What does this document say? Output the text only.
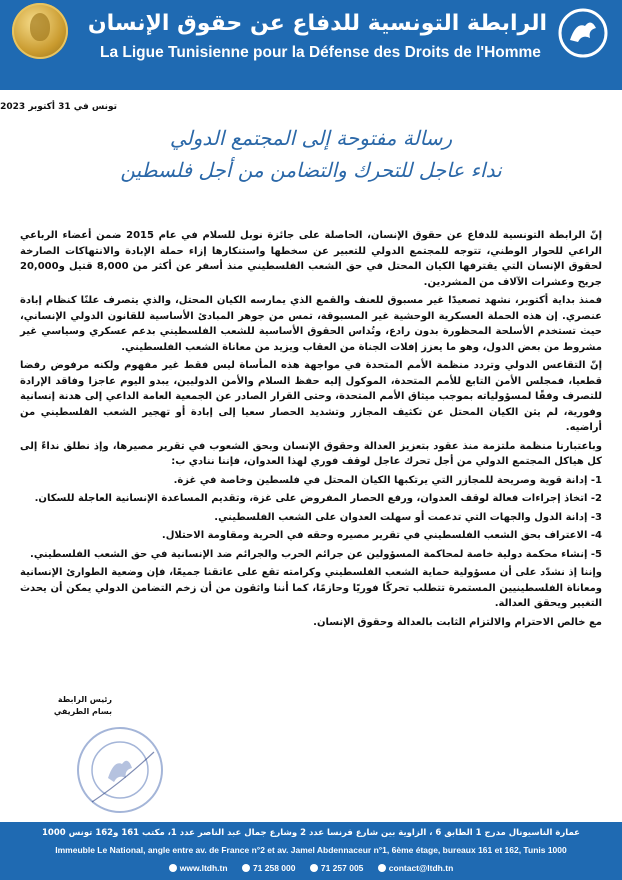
الرابطة التونسية للدفاع عن حقوق الإنسان
La Ligue Tunisienne pour la Défense des Droits de l'Homme
تونس في 31 أكتوبر 2023
رسالة مفتوحة إلى المجتمع الدولي
نداء عاجل للتحرك والتضامن من أجل فلسطين

إنّ الرابطة التونسية للدفاع عن حقوق الإنسان، الحاصلة على جائزة نوبل للسلام في عام 2015 ضمن أعضاء الرباعي الراعي للحوار الوطني، تتوجه للمجتمع الدولي للتعبير عن سخطها واستنكارها إزاء حملة الإبادة والانتهاكات الصارخة لحقوق الإنسان التي يقترفها الكيان المحتل في حق الشعب الفلسطيني منذ أسفر عن أكثر من 8,000 قتيل و20,000 جريح وعشرات الآلاف من المشردين.

فمنذ بداية أكتوبر، نشهد تصعيدًا غير مسبوق للعنف والقمع الذي يمارسه الكيان المحتل، والذي يتصرف علنًا كنظام إبادة عنصري. إن هذه الحملة العسكرية الوحشية غير المسبوقة، تمس من جوهر المبادئ الأساسية للقانون الدولي الإنساني، حيث تستخدم الأسلحة المحظورة بدون رادع، وتُداس الحقوق الأساسية للشعب الفلسطيني بدعم عسكري وسياسي غير مشروط من بعض الدول، وهو ما يعزز إفلات الجناة من العقاب ويزيد من معاناة الشعب الفلسطيني.

إنّ التقاعس الدولي وتردد منظمة الأمم المتحدة في مواجهة هذه المأساة ليس فقط غير مفهوم ولكنه مرفوض رفضا قطعيا، فمجلس الأمن التابع للأمم المتحدة، الموكول إليه حفظ السلام والأمن الدوليين، يبدو اليوم عاجزا وفاقد الإرادة للتصرف وفقًا لمسؤولياته بموجب ميثاق الأمم المتحدة، وحتى القرار الصادر عن الجمعية العامة الداعي إلى هدنة إنسانية وفورية، لم يثن الكيان المحتل عن تكثيف المجازر وتشديد الحصار سعيا إلى إبادة أو تهجير الشعب الفلسطيني من أراضيه.

وباعتبارنا منظمة ملتزمة منذ عقود بتعزيز العدالة وحقوق الإنسان وبحق الشعوب في تقرير مصيرها، وإذ نطلق نداءً إلى كل هياكل المجتمع الدولي من أجل تحرك عاجل لوقف فوري لهذا العدوان، فإننا ننادي ب:

1- إدانة قوية وصريحة للمجازر التي يرتكبها الكيان المحتل في فلسطين وخاصة في غزة.
2- اتخاذ إجراءات فعالة لوقف العدوان، ورفع الحصار المفروض على غزة، وتقديم المساعدة الإنسانية العاجلة للسكان.
3- إدانة الدول والجهات التي تدعمت أو سهلت العدوان على الشعب الفلسطيني.
4- الاعتراف بحق الشعب الفلسطيني في تقرير مصيره وحقه في الحرية ومقاومة الاحتلال.
5- إنشاء محكمة دولية خاصة لمحاكمة المسؤولين عن جرائم الحرب والجرائم ضد الإنسانية في حق الشعب الفلسطيني.

وإننا إذ نشدّد على أن مسؤولية حماية الشعب الفلسطيني وكرامته تقع على عاتقنا جميعًا، فإن وضعية الطوارئ الإنسانية ومعاناة الفلسطينيين المستمرة تتطلب تحركًا فوريًا وحازمًا، كما أننا واثقون من أن زخم التضامن الدولي يمكن أن يحدث التغيير ويحقق العدالة.

مع خالص الاحترام والالتزام الثابت بالعدالة وحقوق الإنسان.

رئيس الرابطة
بسام الطريفي
عمارة الناسيونال مدرج 1 الطابق 6 ، الزاوية بين شارع فرنسا عدد 2 وشارع جمال عبد الناصر عدد 1، مكتب 161 و162 تونس 1000
Immeuble Le National, angle entre av. de France n°2 et av. Jamel Abdennaceur n°1, 6ème étage, bureaux 161 et 162, Tunis 1000
www.ltdh.tn	71 258 000	71 257 005	contact@ltdh.tn
